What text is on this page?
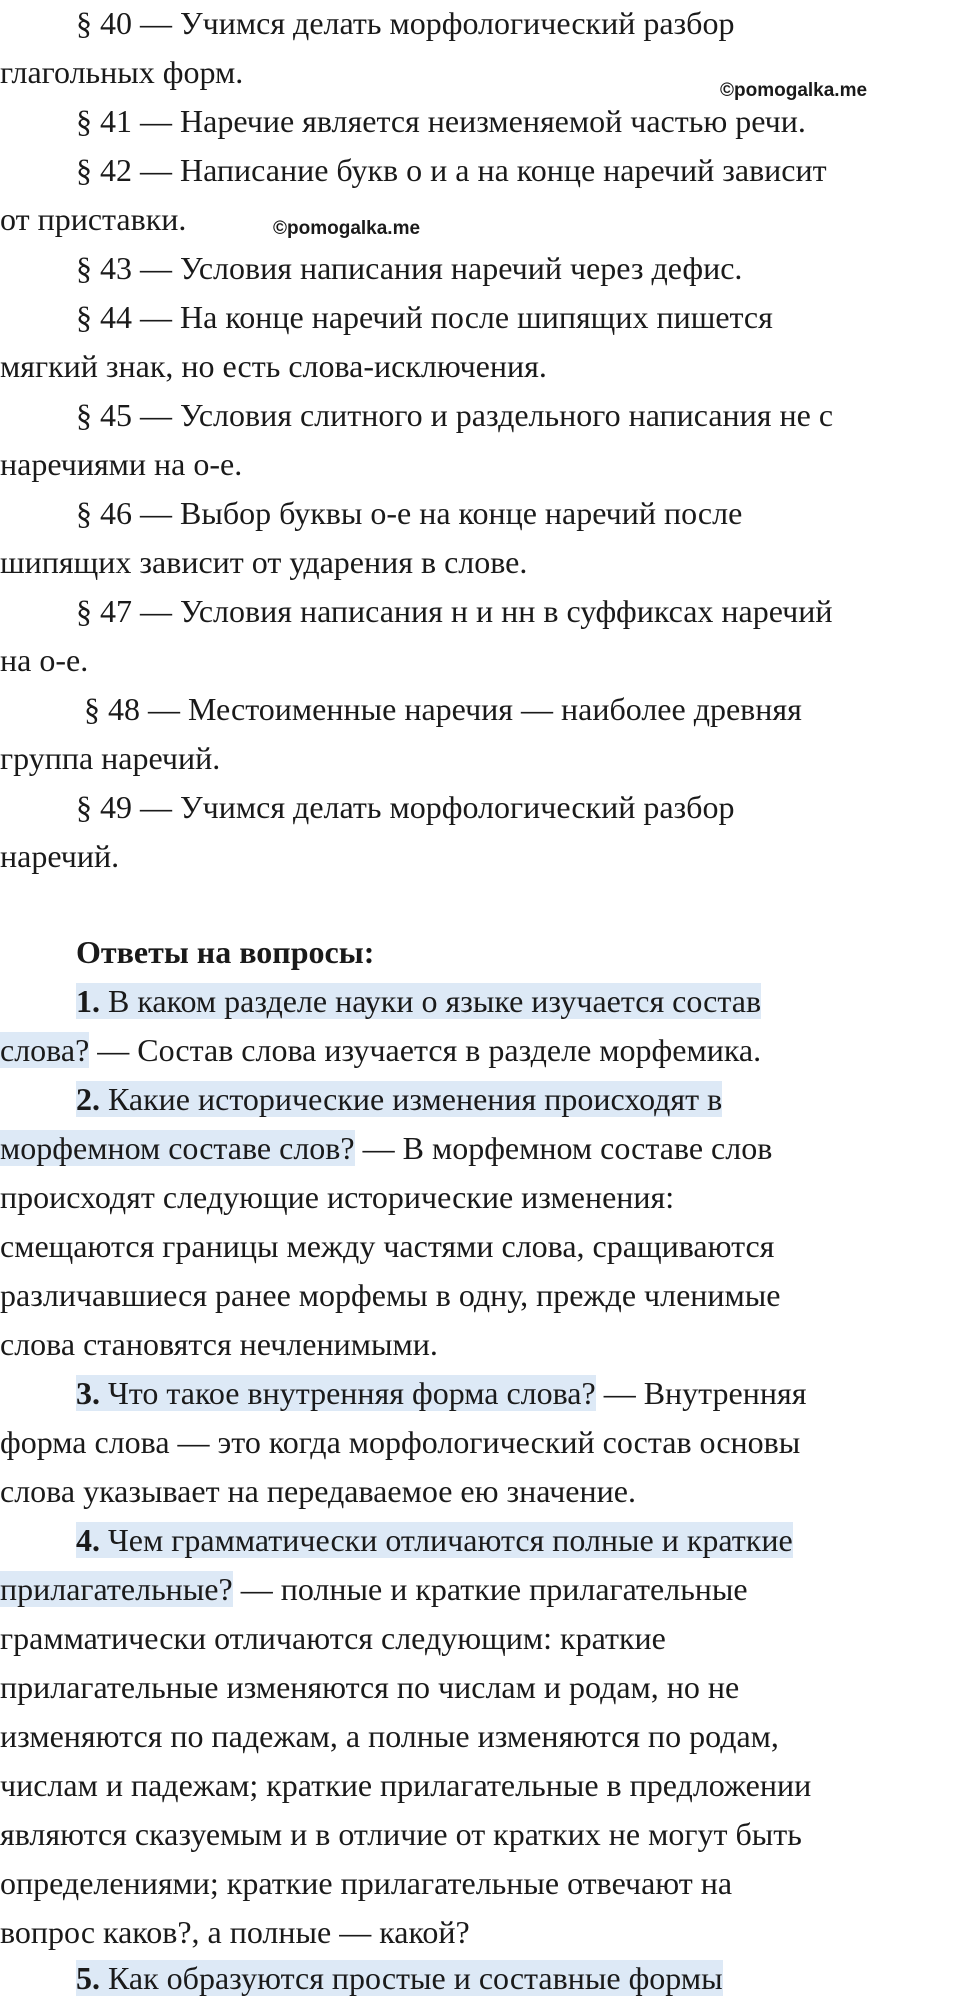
©pomogalka.me
©pomogalka.me
§ 40 — Учимся делать морфологический разбор
глагольных форм.
§ 41 — Наречие является неизменяемой частью речи.
§ 42 — Написание букв о и а на конце наречий зависит
от приставки.
§ 43 — Условия написания наречий через дефис.
§ 44 — На конце наречий после шипящих пишется
мягкий знак, но есть слова-исключения.
§ 45 — Условия слитного и раздельного написания не с
наречиями на о-е.
§ 46 — Выбор буквы о-е на конце наречий после
шипящих зависит от ударения в слове.
§ 47 — Условия написания н и нн в суффиксах наречий
на о-е.
§ 48 — Местоименные наречия — наиболее древняя
группа наречий.
§ 49 — Учимся делать морфологический разбор
наречий.
Ответы на вопросы:
1. В каком разделе науки о языке изучается состав
слова? — Состав слова изучается в разделе морфемика.
2. Какие исторические изменения происходят в
морфемном составе слов? — В морфемном составе слов
происходят следующие исторические изменения:
смещаются границы между частями слова, сращиваются
различавшиеся ранее морфемы в одну, прежде членимые
слова становятся нечленимыми.
3. Что такое внутренняя форма слова? — Внутренняя
форма слова — это когда морфологический состав основы
слова указывает на передаваемое ею значение.
4. Чем грамматически отличаются полные и краткие
прилагательные? — полные и краткие прилагательные
грамматически отличаются следующим: краткие
прилагательные изменяются по числам и родам, но не
изменяются по падежам, а полные изменяются по родам,
числам и падежам; краткие прилагательные в предложении
являются сказуемым и в отличие от кратких не могут быть
определениями; краткие прилагательные отвечают на
вопрос каков?, а полные — какой?
5. Как образуются простые и составные формы
